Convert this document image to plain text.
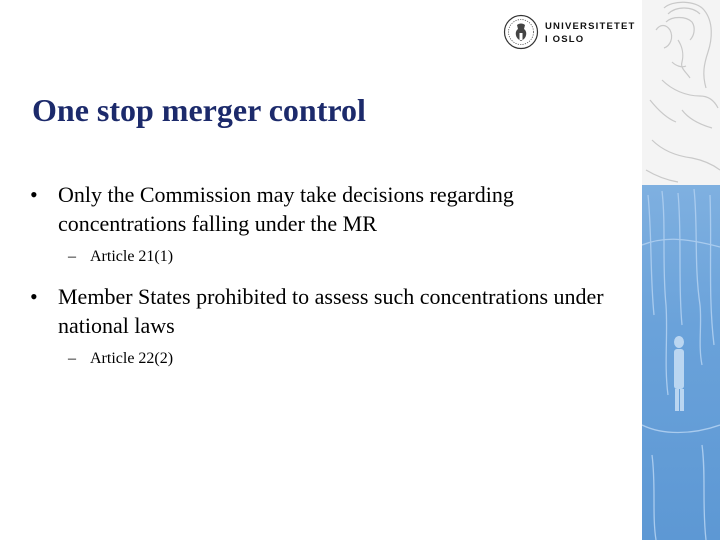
UNIVERSITETET
I OSLO
One stop merger control
• Only the Commission may take decisions regarding concentrations falling under the MR
– Article 21(1)
• Member States prohibited to assess such concentrations under national laws
– Article 22(2)
